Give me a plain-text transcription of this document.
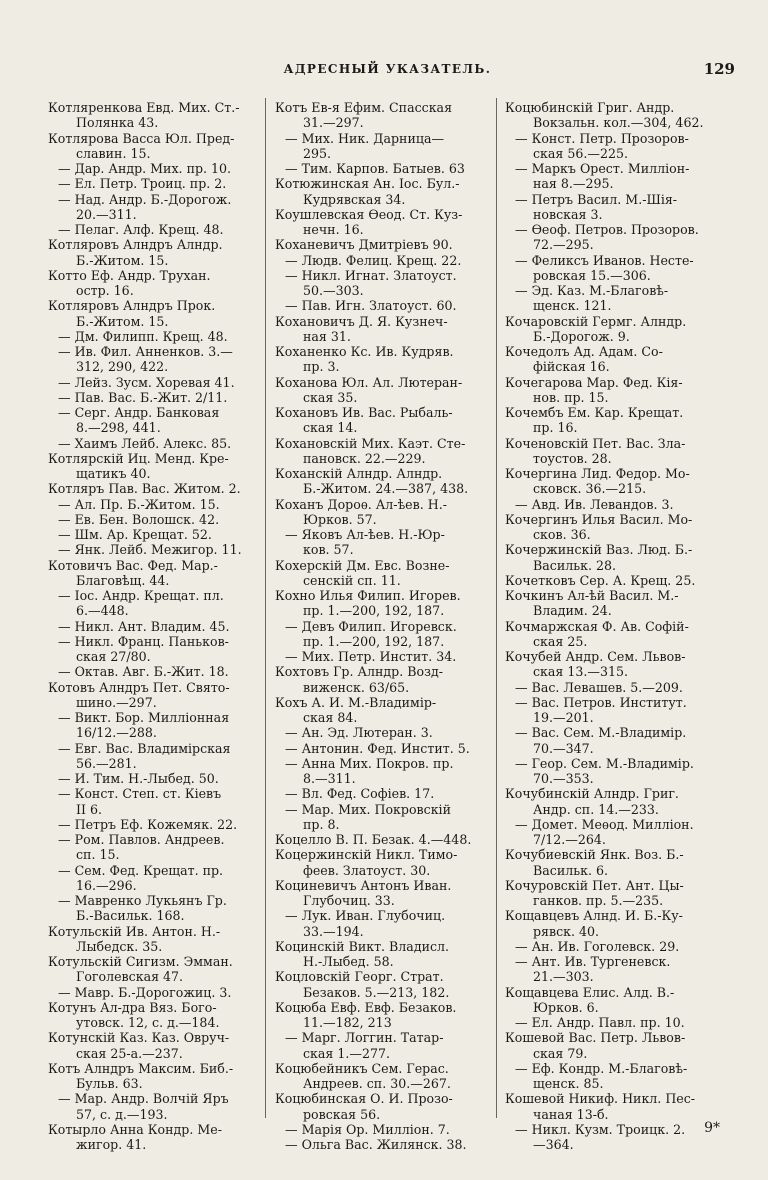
АДРЕСНЫЙ УКАЗАТЕЛЬ.	129
Котляренкова Евд. Мих. Ст.-
Полянка 43.
Котлярова Васса Юл. Пред-
славин. 15.
— Дар. Андр. Мих. пр. 10.
— Ел. Петр. Троиц. пр. 2.
— Над. Андр. Б.-Дорогож.
20.—311.
— Пелаг. Алф. Крещ. 48.
Котляровъ Алндръ Алндр.
Б.-Житом. 15.
Котто Еф. Андр. Трухан.
остр. 16.
Котляровъ Алндръ Прок.
Б.-Житом. 15.
— Дм. Филипп. Крещ. 48.
— Ив. Фил. Анненков. 3.—
312, 290, 422.
— Лейз. Зусм. Хоревая 41.
— Пав. Вас. Б.-Жит. 2/11.
— Серг. Андр. Банковая
8.—298, 441.
— Хаимъ Лейб. Алекс. 85.
Котлярскій Иц. Менд. Кре-
щатикъ 40.
Котляръ Пав. Вас. Житом. 2.
— Ал. Пр. Б.-Житом. 15.
— Ев. Бен. Волошск. 42.
— Шм. Ар. Крещат. 52.
— Янк. Лейб. Межигор. 11.
Котовичъ Вас. Фед. Мар.-
Благовѣщ. 44.
— Іос. Андр. Крещат. пл.
6.—448.
— Никл. Ант. Владим. 45.
— Никл. Франц. Паньков-
ская 27/80.
— Октав. Авг. Б.-Жит. 18.
Котовъ Алндръ Пет. Свято-
шино.—297.
— Викт. Бор. Милліонная
16/12.—288.
— Евг. Вас. Владимірская
56.—281.
— И. Тим. Н.-Лыбед. 50.
— Конст. Степ. ст. Кіевъ
II 6.
— Петръ Еф. Кожемяк. 22.
— Ром. Павлов. Андреев.
сп. 15.
— Сем. Фед. Крещат. пр.
16.—296.
— Мавренко Лукьянъ Гр.
Б.-Васильк. 168.
Котульскій Ив. Антон. Н.-
Лыбедск. 35.
Котульскій Сигизм. Эмман.
Гоголевская 47.
— Мавр. Б.-Дорогожиц. 3.
Котунъ Ал-дра Вяз. Бого-
утовск. 12, с. д.—184.
Котунскій Каз. Каз. Овруч-
ская 25-а.—237.
Котъ Алндръ Максим. Биб.-
Бульв. 63.
— Мар. Андр. Волчій Яръ
57, с. д.—193.
Котырло Анна Кондр. Ме-
жигор. 41.
Котъ Ев-я Ефим. Спасская
31.—297.
— Мих. Ник. Дарница—
295.
— Тим. Карпов. Батыев. 63
Котюжинская Ан. Іос. Бул.-
Кудрявская 34.
Коушлевская Ѳеод. Ст. Куз-
нечн. 16.
Коханевичъ Дмитріевъ 90.
— Людв. Фелиц. Крещ. 22.
— Никл. Игнат. Златоуст.
50.—303.
— Пав. Игн. Златоуст. 60.
Кохановичъ Д. Я. Кузнеч-
ная 31.
Коханенко Кс. Ив. Кудряв.
пр. 3.
Коханова Юл. Ал. Лютеран-
ская 35.
Кохановъ Ив. Вас. Рыбаль-
ская 14.
Кохановскій Мих. Каэт. Сте-
пановск. 22.—229.
Коханскій Алндр. Алндр.
Б.-Житом. 24.—387, 438.
Коханъ Дороѳ. Ал-ѣев. Н.-
Юрков. 57.
— Яковъ Ал-ѣев. Н.-Юр-
ков. 57.
Кохерскій Дм. Евс. Возне-
сенскій сп. 11.
Кохно Илья Филип. Игорев.
пр. 1.—200, 192, 187.
— Девъ Филип. Игоревск.
пр. 1.—200, 192, 187.
— Мих. Петр. Инстит. 34.
Кохтовъ Гр. Алндр. Возд-
виженск. 63/65.
Кохъ А. И. М.-Владимір-
ская 84.
— Ан. Эд. Лютеран. 3.
— Антонин. Фед. Инстит. 5.
— Анна Мих. Покров. пр.
8.—311.
— Вл. Фед. Софіев. 17.
— Мар. Мих. Покровскій
пр. 8.
Коцелло В. П. Безак. 4.—448.
Коцержинскій Никл. Тимо-
феев. Златоуст. 30.
Коциневичъ Антонъ Иван.
Глубочиц. 33.
— Лук. Иван. Глубочиц.
33.—194.
Коцинскій Викт. Владисл.
Н.-Лыбед. 58.
Коцловскій Георг. Страт.
Безаков. 5.—213, 182.
Коцюба Евф. Евф. Безаков.
11.—182, 213
— Марг. Логгин. Татар-
ская 1.—277.
Коцюбейникъ Сем. Герас.
Андреев. сп. 30.—267.
Коцюбинская О. И. Прозо-
ровская 56.
— Марія Ор. Милліон. 7.
— Ольга Вас. Жилянск. 38.
Коцюбинскій Григ. Андр.
Вокзальн. кол.—304, 462.
— Конст. Петр. Прозоров-
ская 56.—225.
— Маркъ Орест. Милліон-
ная 8.—295.
— Петръ Васил. М.-Шія-
новская 3.
— Ѳеоф. Петров. Прозоров.
72.—295.
— Феликсъ Иванов. Несте-
ровская 15.—306.
— Эд. Каз. М.-Благовѣ-
щенск. 121.
Кочаровскій Гермг. Алндр.
Б.-Дорогож. 9.
Кочедолъ Ад. Адам. Со-
фійская 16.
Кочегарова Мар. Фед. Кія-
нов. пр. 15.
Кочембъ Ем. Кар. Крещат.
пр. 16.
Коченовскій Пет. Вас. Зла-
тоустов. 28.
Кочергина Лид. Федор. Мо-
сковск. 36.—215.
— Авд. Ив. Левандов. 3.
Кочергинъ Илья Васил. Мо-
сков. 36.
Кочержинскій Ваз. Люд. Б.-
Васильк. 28.
Кочетковъ Сер. А. Крещ. 25.
Кочкинъ Ал-ѣй Васил. М.-
Владим. 24.
Кочмаржская Ф. Ав. Софій-
ская 25.
Кочубей Андр. Сем. Львов-
ская 13.—315.
— Вас. Левашев. 5.—209.
— Вас. Петров. Институт.
19.—201.
— Вас. Сем. М.-Владимір.
70.—347.
— Геор. Сем. М.-Владимір.
70.—353.
Кочубинскій Алндр. Григ.
Андр. сп. 14.—233.
— Домет. Меѳод. Милліон.
7/12.—264.
Кочубиевскій Янк. Воз. Б.-
Васильк. 6.
Кочуровскій Пет. Ант. Цы-
ганков. пр. 5.—235.
Кощавцевъ Алнд. И. Б.-Ку-
рявск. 40.
— Ан. Ив. Гоголевск. 29.
— Ант. Ив. Тургеневск.
21.—303.
Кощавцева Елис. Алд. В.-
Юрков. 6.
— Ел. Андр. Павл. пр. 10.
Кошевой Вас. Петр. Львов-
ская 79.
— Еф. Кондр. М.-Благовѣ-
щенск. 85.
Кошевой Никиф. Никл. Пес-
чаная 13-б.
— Никл. Кузм. Троицк. 2.
—364.
9*
